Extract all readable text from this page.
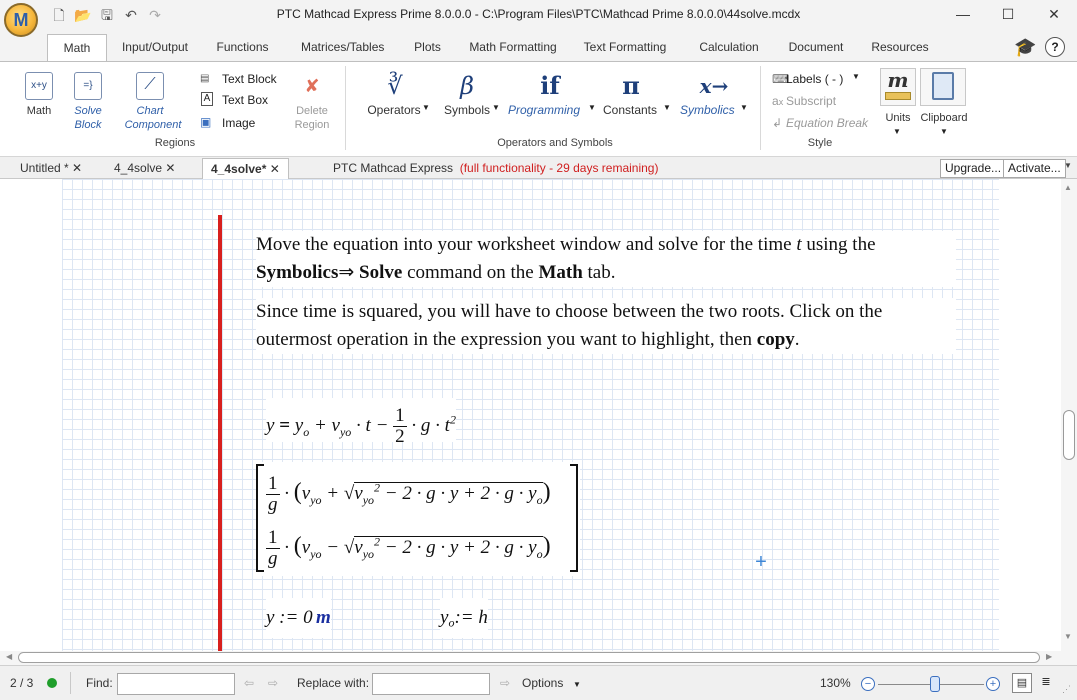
PTC Mathcad Express Prime 8.0.0.0 - C:\Program Files\PTC\Mathcad Prime 8.0.0.0\44solve.mcdx
M	🗋 📂 🖫 ↶ ↷	—	☐	✕
Math	Input/Output	Functions	Matrices/Tables	Plots	Math Formatting	Text Formatting	Calculation	Document	Resources	🎓	?
x+y
Math
=}
Solve
Block
⟋
Chart
Component
▤ Text Block
A Text Box
▣ Image
✘
Delete
Region
Regions
∛
Operators ▼
β
Symbols ▼
if
Programming ▼
π
Constants ▼
x→
Symbolics ▼
Operators and Symbols
⌨
Labels ( - ) ▼
ax Subscript
↲ Equation Break
Style
m
Units
▼
Clipboard
▼
Untitled * ✕	4_4solve ✕	4_4solve* ✕	PTC Mathcad Express (full functionality - 29 days remaining)	Upgrade... Activate... ▼
Move the equation into your worksheet window and solve for the time t using the
Symbolics⇒ Solve command on the Math tab.
Since time is squared, you will have to choose between the two roots. Click on the outermost operation in the expression you want to highlight, then copy.
$y = y_o + v_{yo} \cdot t - \frac{1}{2} \cdot g \cdot t^2$
$\frac{1}{g} \cdot (v_{yo} + √v_{yo}^2 - 2 \cdot g \cdot y + 2 \cdot g \cdot y_o)$
$\frac{1}{g} \cdot (v_{yo} - √v_{yo}^2 - 2 \cdot g \cdot y + 2 \cdot g \cdot y_o)$
+
y := 0 m	$y_o:= h$
▲
▼
◀	▶
2 / 3	Find:	⇦ ⇨ Replace with:	⇨ Options ▼	130%	−	+	▤	≣
⋰
